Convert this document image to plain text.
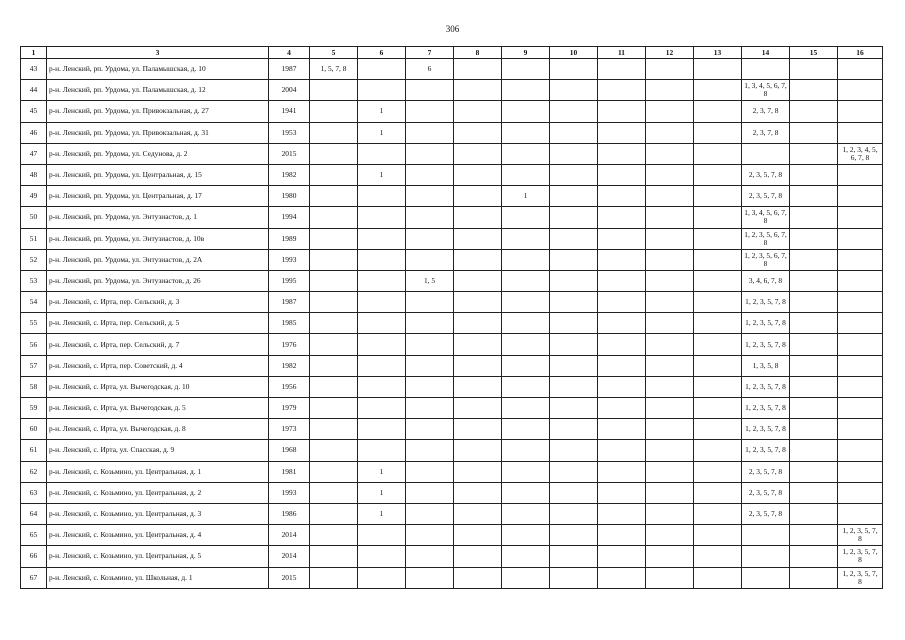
306
1	3	4	5	6	7	8	9	10	11	12	13	14	15	16
43	р-н. Ленский, рп. Урдома, ул. Паламышская, д. 10	1987	1, 5, 7, 8		6									
44	р-н. Ленский, рп. Урдома, ул. Паламышская, д. 12	2004										1, 3, 4, 5, 6, 7, 8		
45	р-н. Ленский, рп. Урдома, ул. Привокзальная, д. 27	1941		1								2, 3, 7, 8		
46	р-н. Ленский, рп. Урдома, ул. Привокзальная, д. 31	1953		1								2, 3, 7, 8		
47	р-н. Ленский, рп. Урдома, ул. Седунова, д. 2	2015												1, 2, 3, 4, 5, 6, 7, 8
48	р-н. Ленский, рп. Урдома, ул. Центральная, д. 15	1982		1								2, 3, 5, 7, 8		
49	р-н. Ленский, рп. Урдома, ул. Центральная, д. 17	1980					1					2, 3, 5, 7, 8		
50	р-н. Ленский, рп. Урдома, ул. Энтузиастов, д. 1	1994										1, 3, 4, 5, 6, 7, 8		
51	р-н. Ленский, рп. Урдома, ул. Энтузиастов, д. 10в	1989										1, 2, 3, 5, 6, 7, 8		
52	р-н. Ленский, рп. Урдома, ул. Энтузиастов, д. 2А	1993										1, 2, 3, 5, 6, 7, 8		
53	р-н. Ленский, рп. Урдома, ул. Энтузиастов, д. 26	1995			1, 5							3, 4, 6, 7, 8		
54	р-н. Ленский, с. Ирта, пер. Сельский, д. 3	1987										1, 2, 3, 5, 7, 8		
55	р-н. Ленский, с. Ирта, пер. Сельский, д. 5	1985										1, 2, 3, 5, 7, 8		
56	р-н. Ленский, с. Ирта, пер. Сельский, д. 7	1976										1, 2, 3, 5, 7, 8		
57	р-н. Ленский, с. Ирта, пер. Советский, д. 4	1982										1, 3, 5, 8		
58	р-н. Ленский, с. Ирта, ул. Вычегодская, д. 10	1956										1, 2, 3, 5, 7, 8		
59	р-н. Ленский, с. Ирта, ул. Вычегодская, д. 5	1979										1, 2, 3, 5, 7, 8		
60	р-н. Ленский, с. Ирта, ул. Вычегодская, д. 8	1973										1, 2, 3, 5, 7, 8		
61	р-н. Ленский, с. Ирта, ул. Спасская, д. 9	1968										1, 2, 3, 5, 7, 8		
62	р-н. Ленский, с. Козьмино, ул. Центральная, д. 1	1981		1								2, 3, 5, 7, 8		
63	р-н. Ленский, с. Козьмино, ул. Центральная, д. 2	1993		1								2, 3, 5, 7, 8		
64	р-н. Ленский, с. Козьмино, ул. Центральная, д. 3	1986		1								2, 3, 5, 7, 8		
65	р-н. Ленский, с. Козьмино, ул. Центральная, д. 4	2014												1, 2, 3, 5, 7, 8
66	р-н. Ленский, с. Козьмино, ул. Центральная, д. 5	2014												1, 2, 3, 5, 7, 8
67	р-н. Ленский, с. Козьмино, ул. Школьная, д. 1	2015												1, 2, 3, 5, 7, 8
